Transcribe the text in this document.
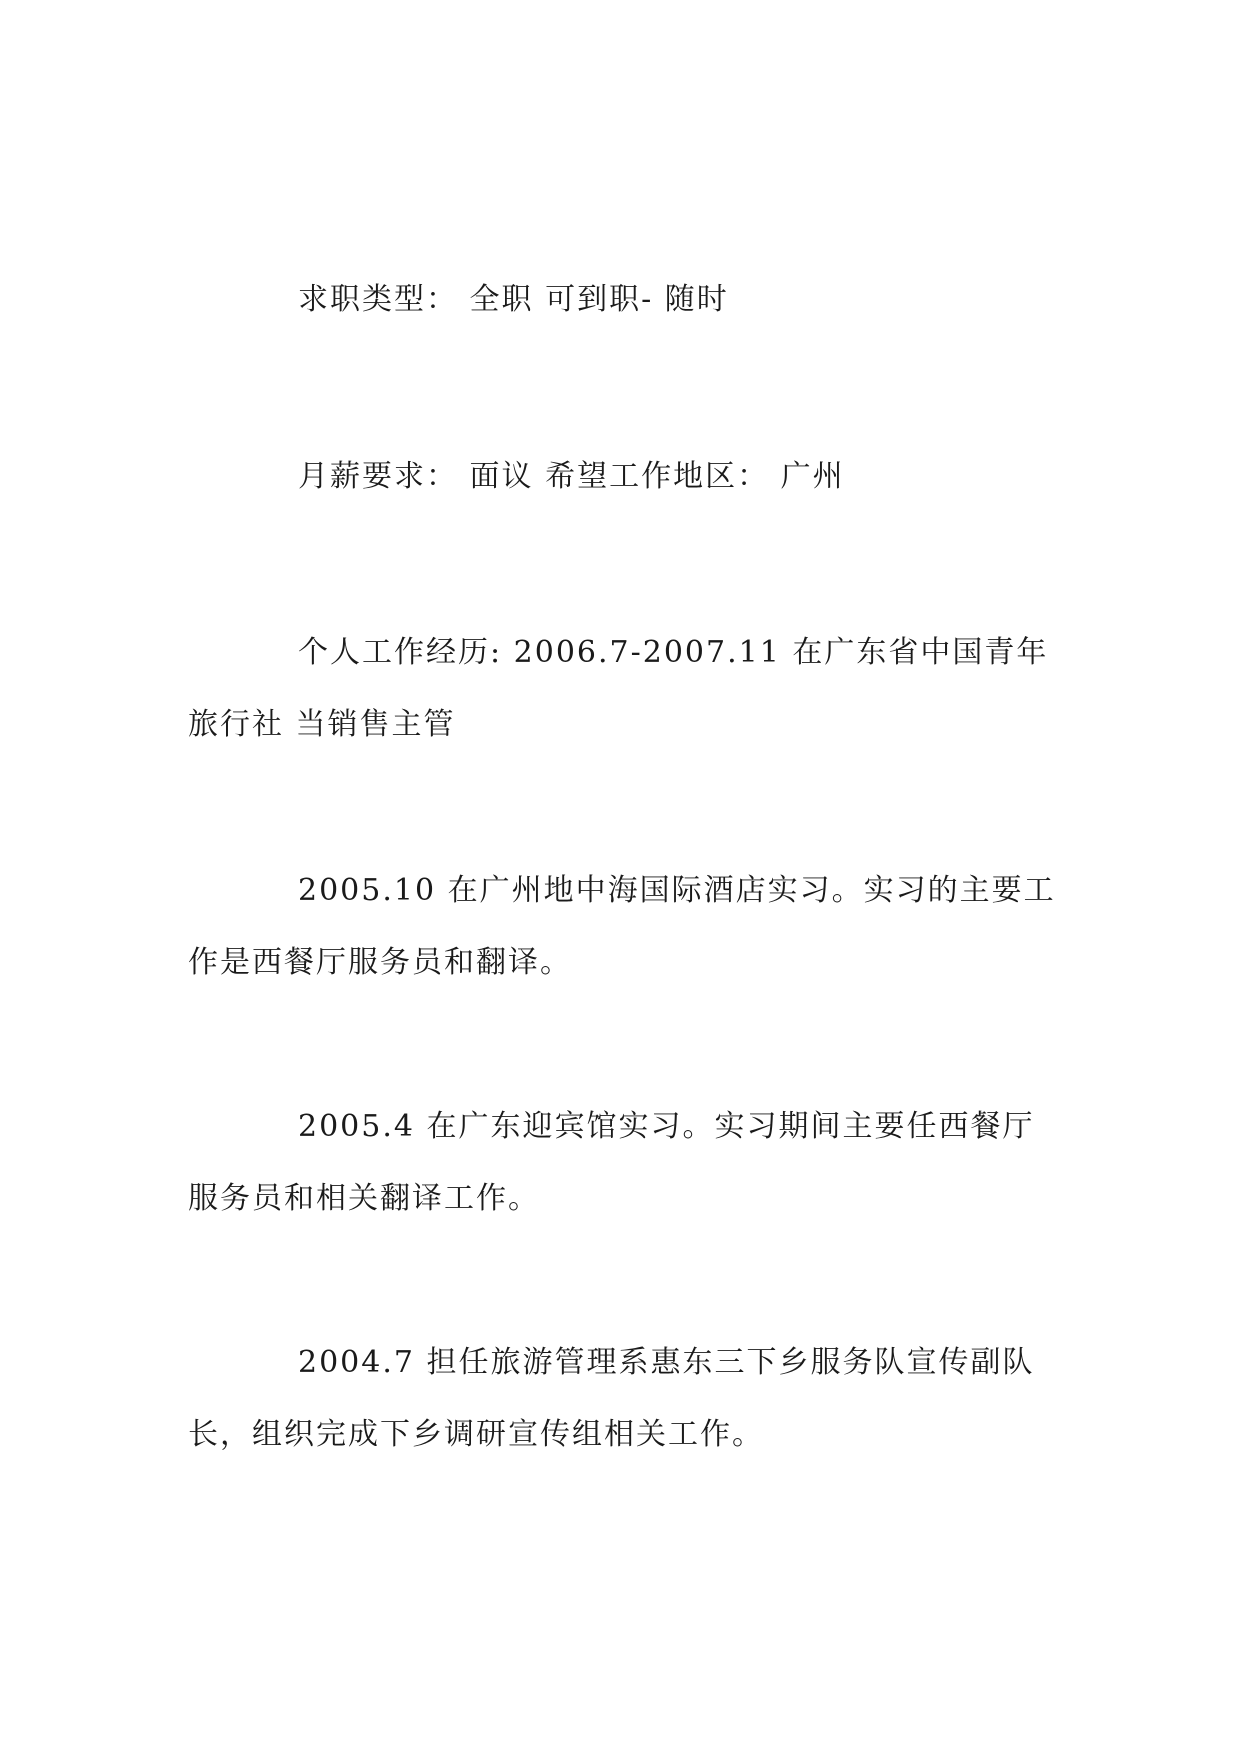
求职类型： 全职 可到职- 随时

月薪要求： 面议 希望工作地区： 广州

个人工作经历: 2006.7-2007.11 在广东省中国青年旅行社 当销售主管

2005.10 在广州地中海国际酒店实习。实习的主要工作是西餐厅服务员和翻译。

2005.4 在广东迎宾馆实习。实习期间主要任西餐厅服务员和相关翻译工作。

2004.7 担任旅游管理系惠东三下乡服务队宣传副队长，组织完成下乡调研宣传组相关工作。
